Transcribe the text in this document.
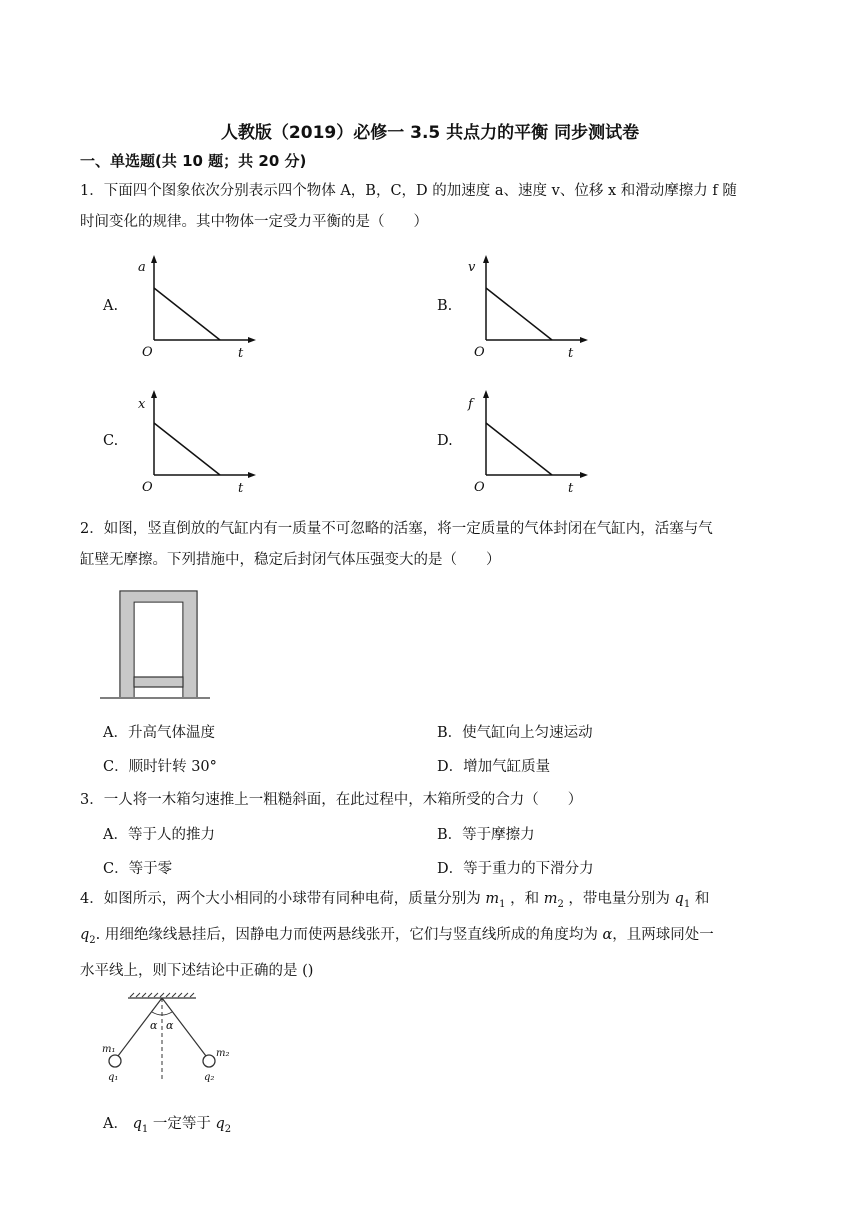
人教版（2019）必修一 3.5 共点力的平衡 同步测试卷
一、单选题(共 10 题；共 20 分)
1．下面四个图象依次分别表示四个物体 A，B，C，D 的加速度 a、速度 v、位移 x 和滑动摩擦力 f 随
时间变化的规律。其中物体一定受力平衡的是（　　）
A.
a
O	t
B.
v
O	t
C.
x
O	t
D.
f
O	t
2．如图，竖直倒放的气缸内有一质量不可忽略的活塞，将一定质量的气体封闭在气缸内，活塞与气
缸壁无摩擦。下列措施中，稳定后封闭气体压强变大的是（　　）
A．升高气体温度	B．使气缸向上匀速运动
C．顺时针转 30°	D．增加气缸质量
3．一人将一木箱匀速推上一粗糙斜面，在此过程中，木箱所受的合力（　　）
A．等于人的推力	B．等于摩擦力
C．等于零	D．等于重力的下滑分力
4．如图所示，两个大小相同的小球带有同种电荷，质量分别为 $m_1$ ，和 $m_2$ ，带电量分别为 $q_1$ 和
$q_2$. 用细绝缘线悬挂后，因静电力而使两悬线张开，它们与竖直线所成的角度均为 α，且两球同处一
水平线上，则下述结论中正确的是 ()
α α
m₁
q₁
m₂
q₂
A． $q_1$ 一定等于 $q_2$
